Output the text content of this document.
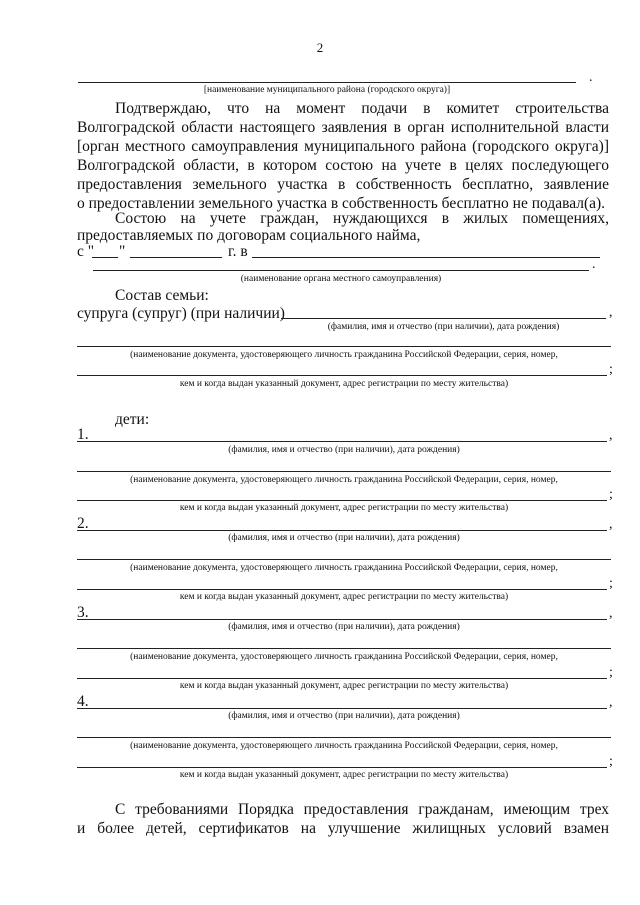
2
.
[наименование муниципального района (городского округа)]
Подтверждаю, что на момент подачи в комитет строительства
Волгоградской области настоящего заявления в орган исполнительной власти
[орган местного самоуправления муниципального района (городского округа)]
Волгоградской области, в котором состою на учете в целях последующего
предоставления земельного участка в собственность бесплатно, заявление
о предоставлении земельного участка в собственность бесплатно не подавал(а).
Состою на учете граждан, нуждающихся в жилых помещениях,
предоставляемых по договорам социального найма,
с " "	г. в
.
(наименование органа местного самоуправления)
Состав семьи:
супруга (супруг) (при наличии)	,
(фамилия, имя и отчество (при наличии), дата рождения)
(наименование документа, удостоверяющего личность гражданина Российской Федерации, серия, номер,
;
кем и когда выдан указанный документ, адрес регистрации по месту жительства)
дети:
1.	,
(фамилия, имя и отчество (при наличии), дата рождения)
(наименование документа, удостоверяющего личность гражданина Российской Федерации, серия, номер,
;
кем и когда выдан указанный документ, адрес регистрации по месту жительства)
2.	,
(фамилия, имя и отчество (при наличии), дата рождения)
(наименование документа, удостоверяющего личность гражданина Российской Федерации, серия, номер,
;
кем и когда выдан указанный документ, адрес регистрации по месту жительства)
3.	,
(фамилия, имя и отчество (при наличии), дата рождения)
(наименование документа, удостоверяющего личность гражданина Российской Федерации, серия, номер,
;
кем и когда выдан указанный документ, адрес регистрации по месту жительства)
4.	,
(фамилия, имя и отчество (при наличии), дата рождения)
(наименование документа, удостоверяющего личность гражданина Российской Федерации, серия, номер,
;
кем и когда выдан указанный документ, адрес регистрации по месту жительства)
С требованиями Порядка предоставления гражданам, имеющим трех
и более детей, сертификатов на улучшение жилищных условий взамен
